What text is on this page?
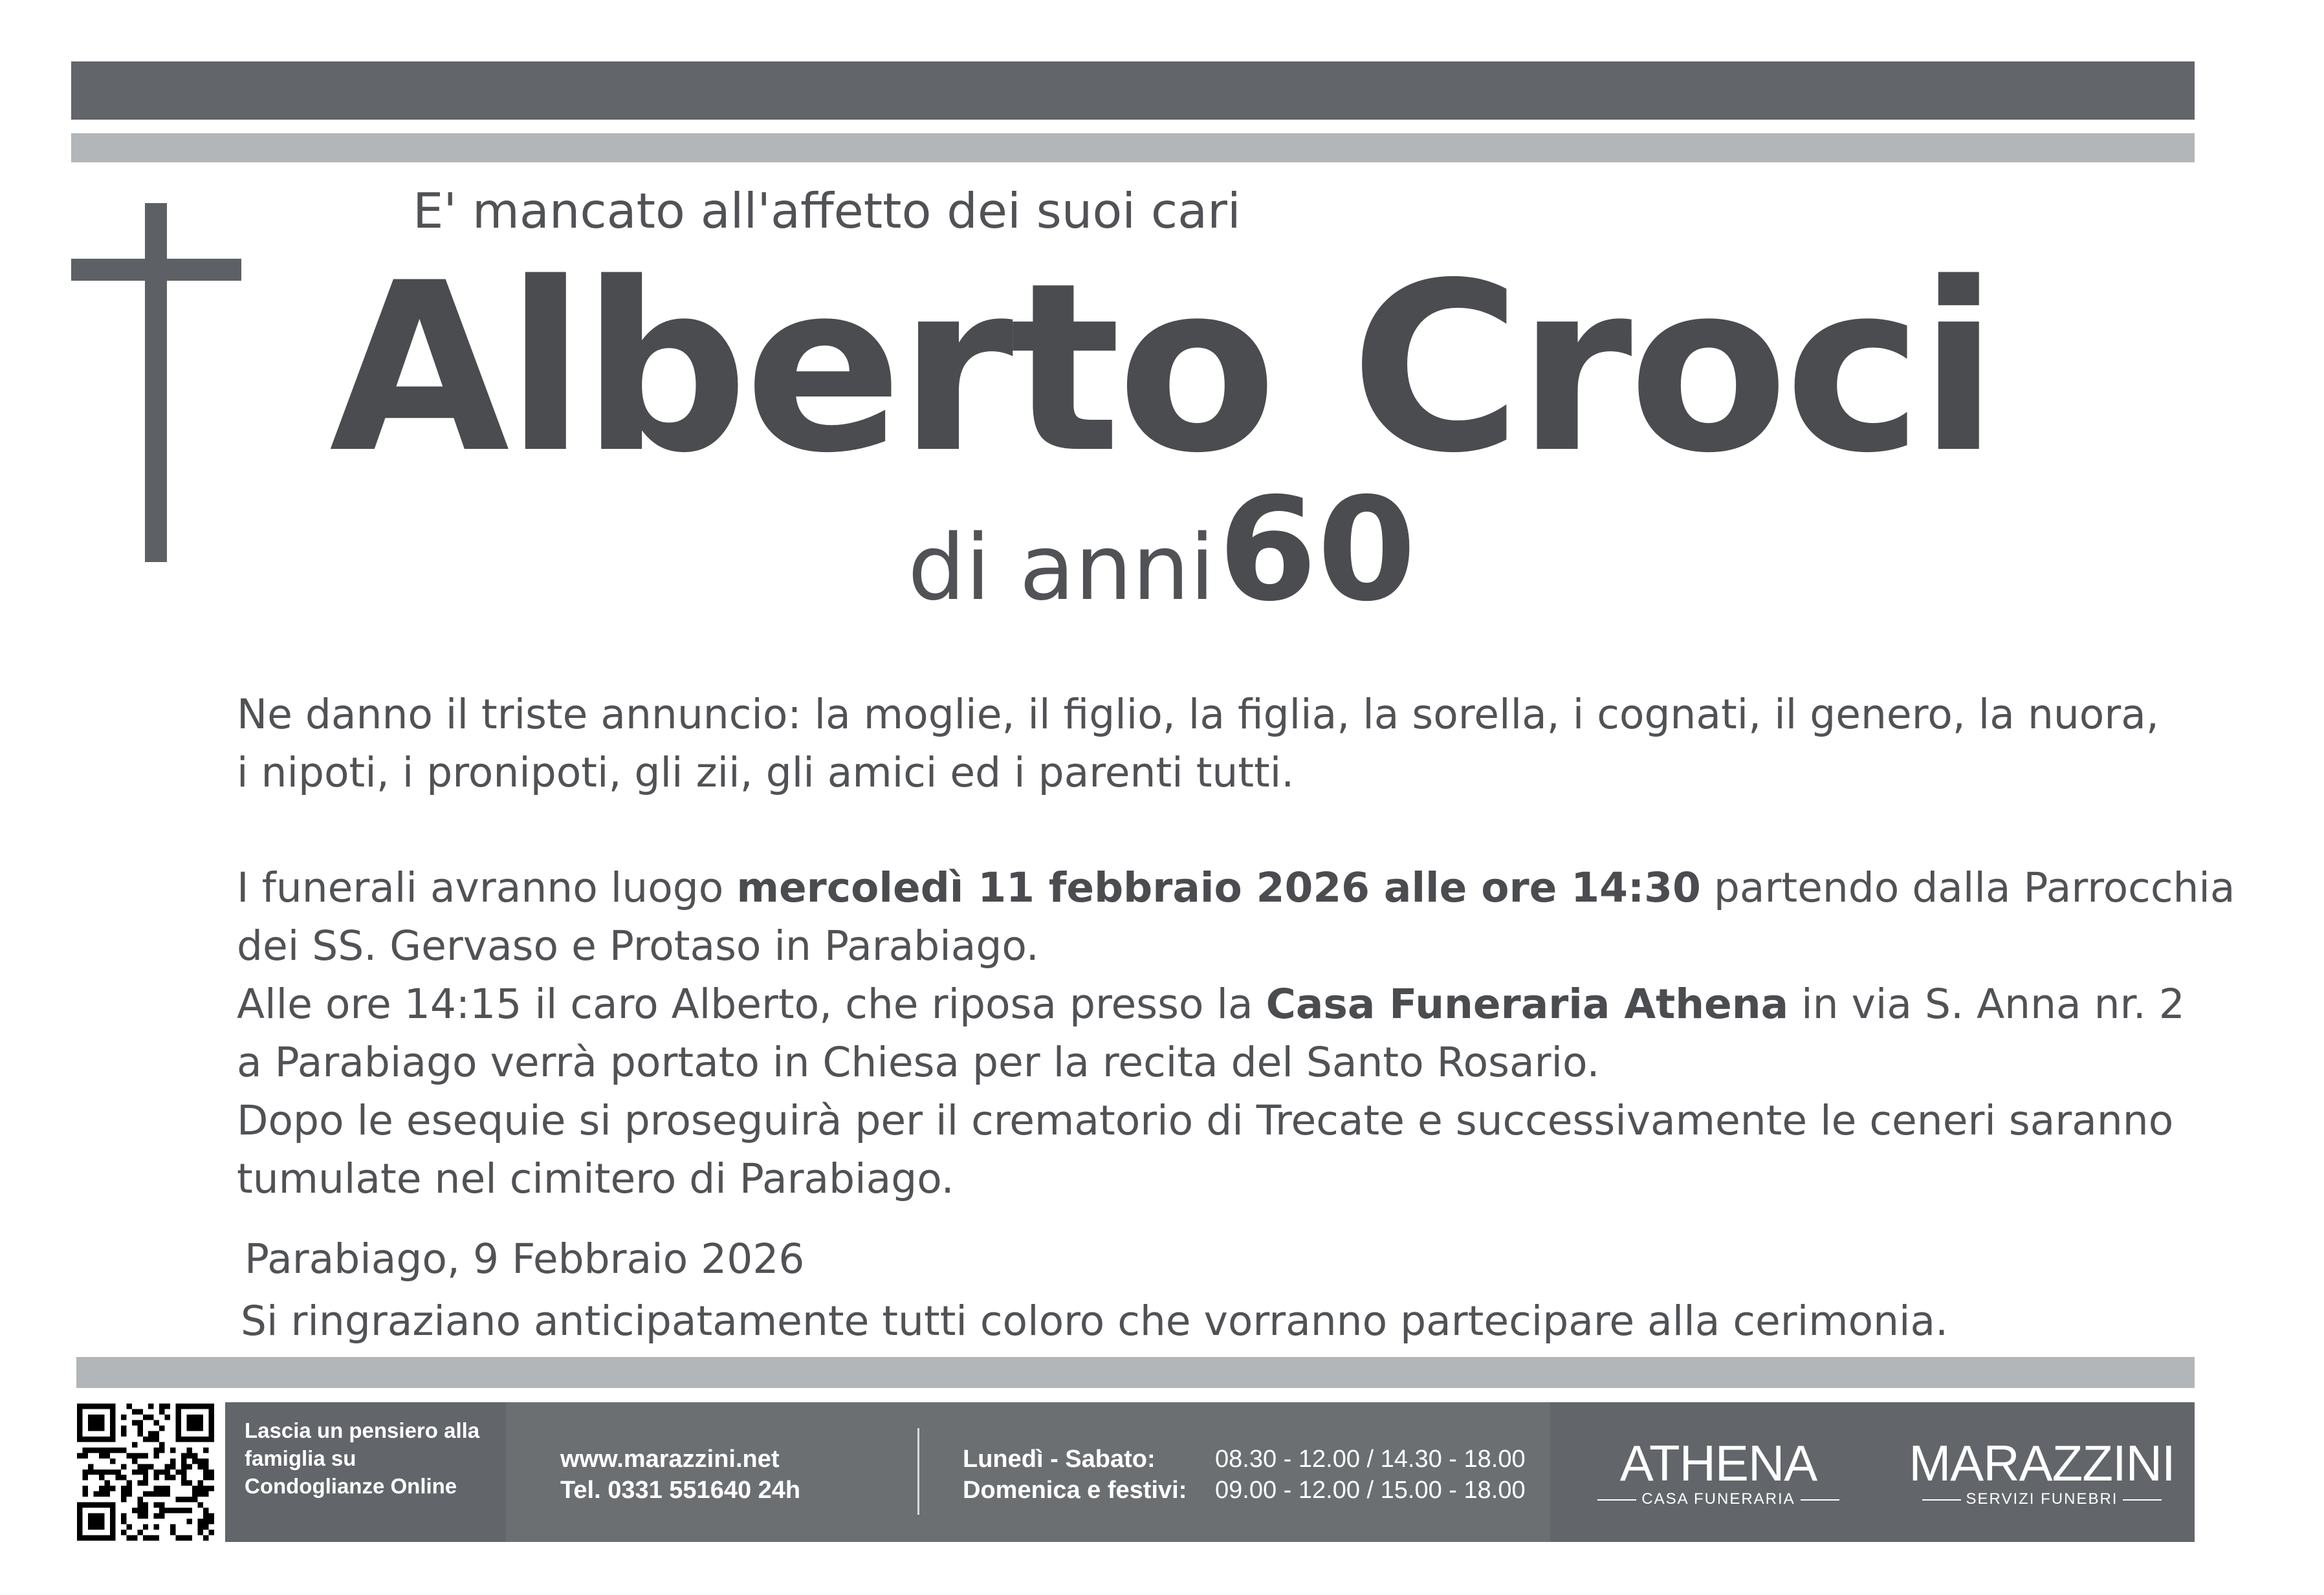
E' mancato all'affetto dei suoi cari
Alberto Croci
di anni 60
Ne danno il triste annuncio: la moglie, il figlio, la figlia, la sorella, i cognati, il genero, la nuora,
i nipoti, i pronipoti, gli zii, gli amici ed i parenti tutti.
I funerali avranno luogo mercoledì 11 febbraio 2026 alle ore 14:30 partendo dalla Parrocchia
dei SS. Gervaso e Protaso in Parabiago.
Alle ore 14:15 il caro Alberto, che riposa presso la Casa Funeraria Athena in via S. Anna nr. 2
a Parabiago verrà portato in Chiesa per la recita del Santo Rosario.
Dopo le esequie si proseguirà per il crematorio di Trecate e successivamente le ceneri saranno
tumulate nel cimitero di Parabiago.
Parabiago, 9 Febbraio 2026
Si ringraziano anticipatamente tutti coloro che vorranno partecipare alla cerimonia.
Lascia un pensiero alla famiglia su Condoglianze Online
www.marazzini.net
Tel. 0331 551640 24h
Lunedì - Sabato:
Domenica e festivi:
08.30 - 12.00 / 14.30 - 18.00
09.00 - 12.00 / 15.00 - 18.00	ATHENA
CASA FUNERARIA
MARAZZINI
SERVIZI FUNEBRI
